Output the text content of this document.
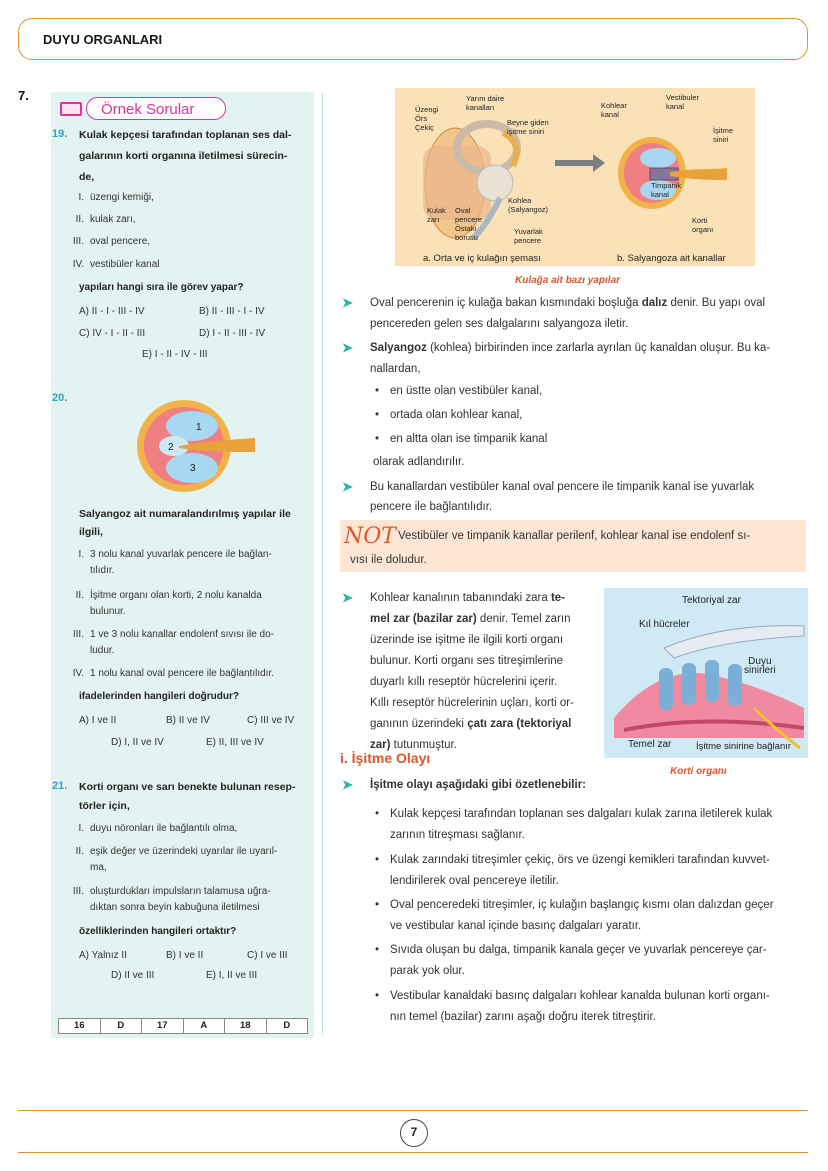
DUYU ORGANLARI
7.
Örnek Sorular
19. Kulak kepçesi tarafından toplanan ses dal-
galarının korti organına iletilmesi sürecin-
de,
I. üzengi kemiği,
II. kulak zarı,
III. oval pencere,
IV. vestibüler kanal
yapıları hangi sıra ile görev yapar?
A) II - I - III - IV	B) II - III - I - IV
C) IV - I - II - III	D) I - II - III - IV
E) I - II - IV - III
20.
1
2
3
Salyangoz ait numaralandırılmış yapılar ile
ilgili,
I. 3 nolu kanal yuvarlak pencere ile bağlan-
tılıdır.
II. İşitme organı olan korti, 2 nolu kanalda
bulunur.
III. 1 ve 3 nolu kanallar endolenf sıvısı ile do-
ludur.
IV. 1 nolu kanal oval pencere ile bağlantılıdır.
ifadelerinden hangileri doğrudur?
A) I ve II	B) II ve IV	C) III ve IV
D) I, II ve IV	E) II, III ve IV
21. Korti organı ve sarı benekte bulunan resep-
törler için,
I. duyu nöronları ile bağlantılı olma,
II. eşik değer ve üzerindeki uyarılar ile uyarıl-
ma,
III. oluşturdukları impulsların talamusa uğra-
dıktan sonra beyin kabuğuna iletilmesi
özelliklerinden hangileri ortaktır?
A) Yalnız II	B) I ve II	C) I ve III
D) II ve III	E) I, II ve III
16	D	17	A	18	D
Yarım daire
kanalları
Üzengi
Örs
Çekiç
Beyne giden
işitme siniri
Kohlea
(Salyangoz)
Kulak
zarı
Oval
pencere
Östaki
borusu
Yuvarlak
pencere
Vestibuler
kanal
Kohlear
kanal
İşitme
siniri
Timpanik
kanal
Korti
organı
a. Orta ve iç kulağın şeması	b. Salyangoza ait kanallar
Kulağa ait bazı yapılar
➤ Oval pencerenin iç kulağa bakan kısmındaki boşluğa dalız denir. Bu yapı oval
pencereden gelen ses dalgalarını salyangoza iletir.
➤ Salyangoz (kohlea) birbirinden ince zarlarla ayrılan üç kanaldan oluşur. Bu ka-
nallardan,
• en üstte olan vestibüler kanal,
• ortada olan kohlear kanal,
• en altta olan ise timpanik kanal
olarak adlandırılır.
➤ Bu kanallardan vestibüler kanal oval pencere ile timpanik kanal ise yuvarlak
pencere ile bağlantılıdır.
NOT Vestibüler ve timpanik kanallar perilenf, kohlear kanal ise endolenf sı-
vısı ile doludur.
➤ Kohlear kanalının tabanındaki zara te-
mel zar (bazilar zar) denir. Temel zarın
üzerinde ise işitme ile ilgili korti organı
bulunur. Korti organı ses titreşimlerine
duyarlı kıllı reseptör hücrelerini içerir.
Kıllı reseptör hücrelerinin uçları, korti or-
ganının üzerindeki çatı zara (tektoriyal
zar) tutunmuştur.
Tektoriyal zar
Kıl hücreler
Duyu
sinirleri
Temel zar	İşitme sinirine bağlanır
Korti organı
i. İşitme Olayı
➤ İşitme olayı aşağıdaki gibi özetlenebilir:
• Kulak kepçesi tarafından toplanan ses dalgaları kulak zarına iletilerek kulak
zarının titreşması sağlanır.
• Kulak zarındaki titreşimler çekiç, örs ve üzengi kemikleri tarafından kuvvet-
lendirilerek oval pencereye iletilir.
• Oval penceredeki titreşimler, iç kulağın başlangıç kısmı olan dalızdan geçer
ve vestibular kanal içinde basınç dalgaları yaratır.
• Sıvıda oluşan bu dalga, timpanik kanala geçer ve yuvarlak pencereye çar-
parak yok olur.
• Vestibular kanaldaki basınç dalgaları kohlear kanalda bulunan korti organı-
nın temel (bazilar) zarını aşağı doğru iterek titreştirir.
7
